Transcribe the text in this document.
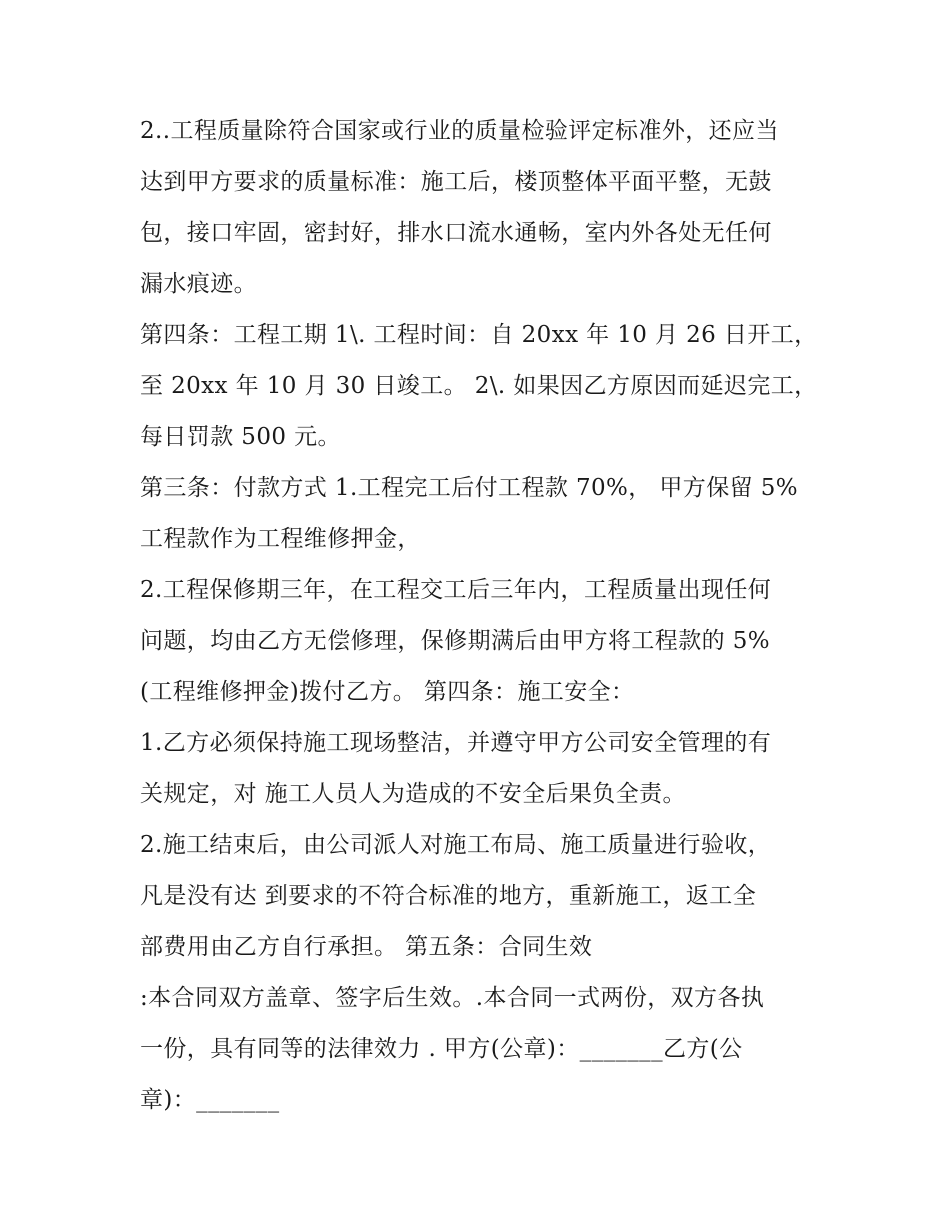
2..工程质量除符合国家或行业的质量检验评定标准外，还应当
达到甲方要求的质量标准：施工后，楼顶整体平面平整，无鼓
包，接口牢固，密封好，排水口流水通畅，室内外各处无任何
漏水痕迹。
第四条：工程工期 1\. 工程时间：自 20xx 年 10 月 26 日开工，
至 20xx 年 10 月 30 日竣工。 2\. 如果因乙方原因而延迟完工，
每日罚款 500 元。
第三条：付款方式 1.工程完工后付工程款 70%， 甲方保留 5%
工程款作为工程维修押金，
2.工程保修期三年，在工程交工后三年内，工程质量出现任何
问题，均由乙方无偿修理，保修期满后由甲方将工程款的 5%
(工程维修押金)拨付乙方。 第四条：施工安全：
1.乙方必须保持施工现场整洁，并遵守甲方公司安全管理的有
关规定，对 施工人员人为造成的不安全后果负全责。
2.施工结束后，由公司派人对施工布局、施工质量进行验收，
凡是没有达 到要求的不符合标准的地方，重新施工，返工全
部费用由乙方自行承担。 第五条：合同生效
:本合同双方盖章、签字后生效。.本合同一式两份，双方各执
一份，具有同等的法律效力 . 甲方(公章)：_______乙方(公
章)：_______
